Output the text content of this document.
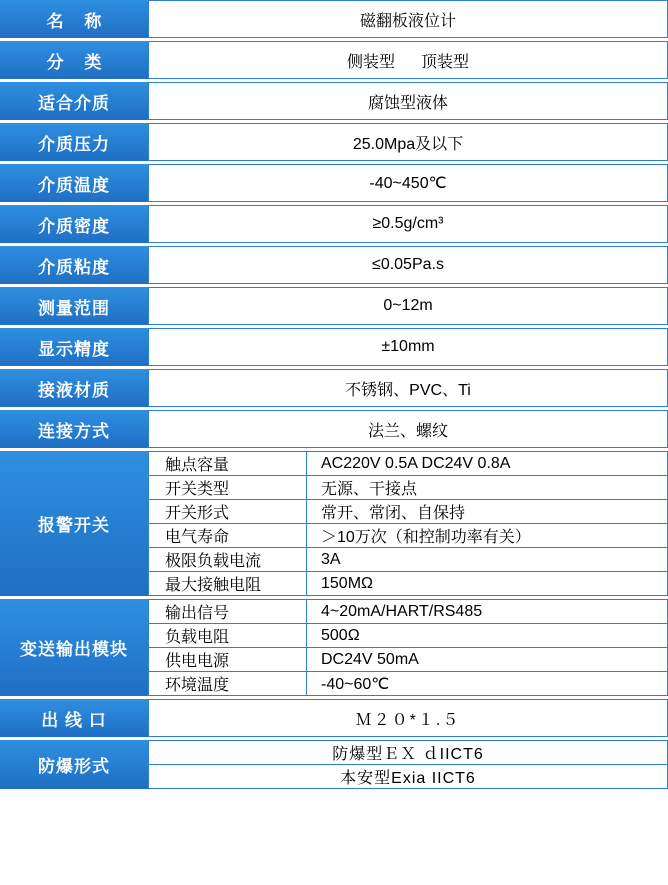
名 称	磁翻板液位计
分 类	侧装型 顶装型
适合介质	腐蚀型液体
介质压力	25.0Mpa及以下
介质温度	-40~450℃
介质密度	≥0.5g/cm³
介质粘度	≤0.05Pa.s
测量范围	0~12m
显示精度	±10mm
接液材质	不锈钢、PVC、Ti
连接方式	法兰、螺纹
报警开关
触点容量	AC220V 0.5A DC24V 0.8A
开关类型	无源、干接点
开关形式	常开、常闭、自保持
电气寿命	＞10万次（和控制功率有关）
极限负载电流	3A
最大接触电阻	150MΩ
变送输出模块
输出信号	4~20mA/HART/RS485
负载电阻	500Ω
供电电源	DC24V 50mA
环境温度	-40~60℃
出 线 口	Ｍ２０*１.５
防爆形式
防爆型ＥＸ ｄIICT6
本安型Exia IICT6
